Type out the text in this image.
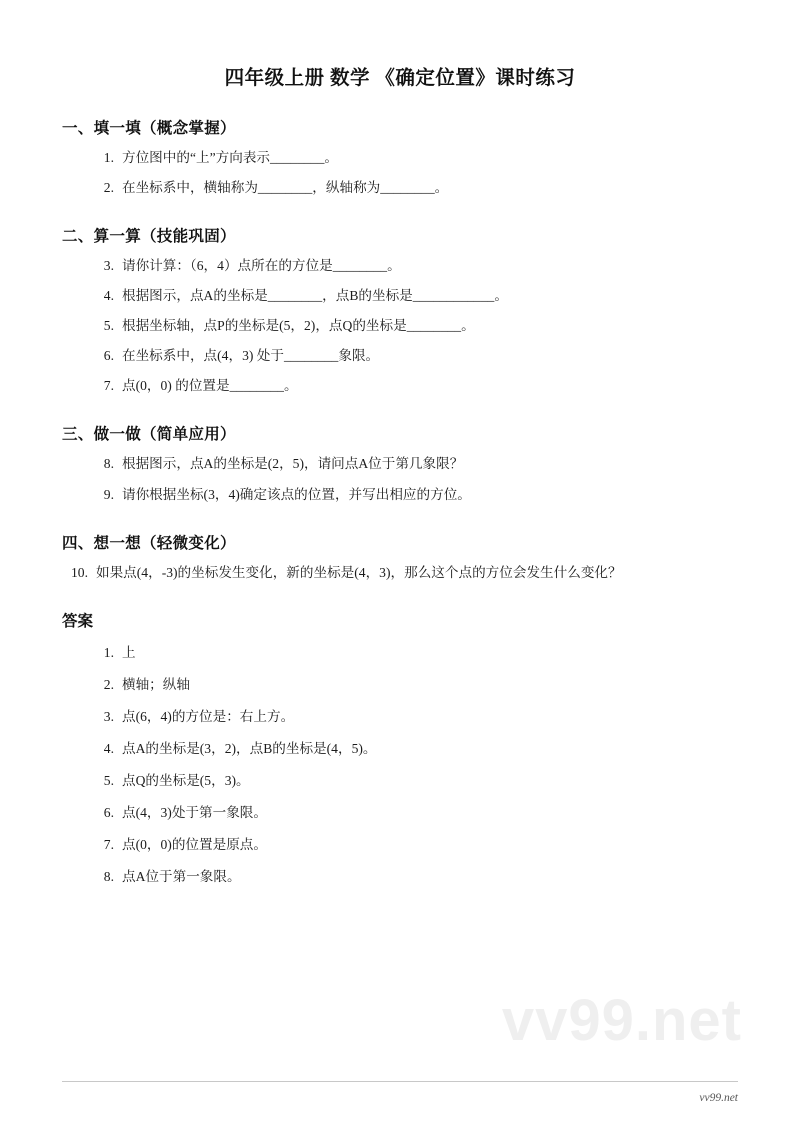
四年级上册 数学 《确定位置》课时练习
一、填一填（概念掌握）
1. 方位图中的“上”方向表示________。
2. 在坐标系中，横轴称为________，纵轴称为________。
二、算一算（技能巩固）
3. 请你计算：（6，4）点所在的方位是________。
4. 根据图示，点A的坐标是________，点B的坐标是____________。
5. 根据坐标轴，点P的坐标是(5，2)，点Q的坐标是________。
6. 在坐标系中，点(4，3) 处于________象限。
7. 点(0，0) 的位置是________。
三、做一做（简单应用）
8. 根据图示，点A的坐标是(2，5)，请问点A位于第几象限？
9. 请你根据坐标(3，4)确定该点的位置，并写出相应的方位。
四、想一想（轻微变化）
10. 如果点(4，-3)的坐标发生变化，新的坐标是(4，3)，那么这个点的方位会发生什么变化？
答案
1. 上
2. 横轴；纵轴
3. 点(6，4)的方位是：右上方。
4. 点A的坐标是(3，2)，点B的坐标是(4，5)。
5. 点Q的坐标是(5，3)。
6. 点(4，3)处于第一象限。
7. 点(0，0)的位置是原点。
8. 点A位于第一象限。
vv99.net
vv99.net
